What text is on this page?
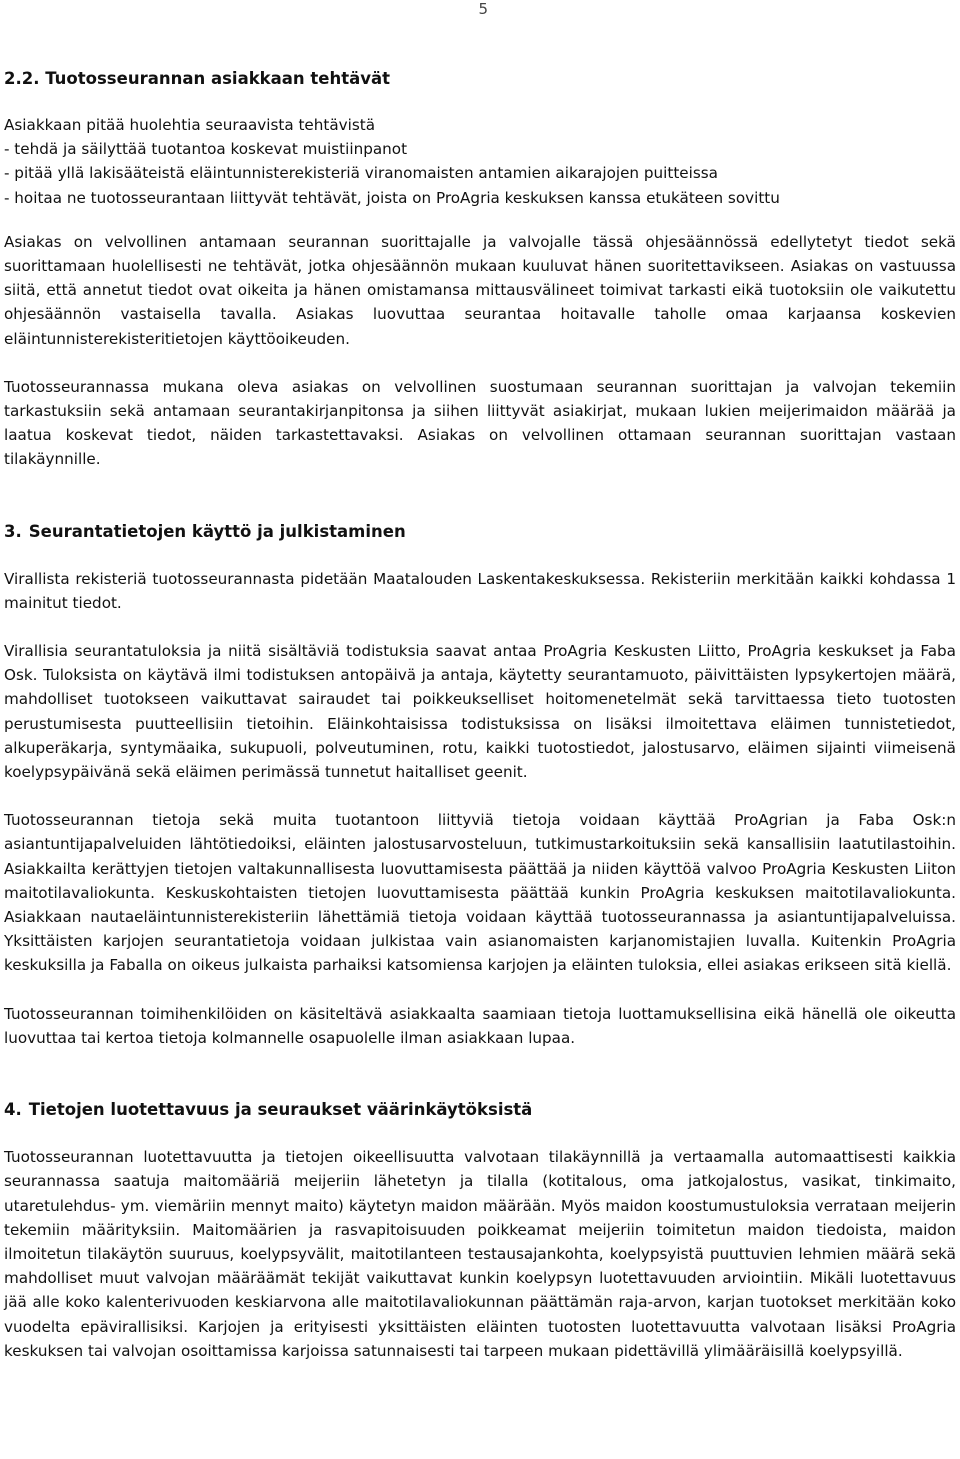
5
2.2. Tuotosseurannan asiakkaan tehtävät
Asiakkaan pitää huolehtia seuraavista tehtävistä
- tehdä ja säilyttää tuotantoa koskevat muistiinpanot
- pitää yllä lakisääteistä eläintunnisterekisteriä viranomaisten antamien aikarajojen puitteissa
- hoitaa ne tuotosseurantaan liittyvät tehtävät, joista on ProAgria keskuksen kanssa etukäteen sovittu

Asiakas on velvollinen antamaan seurannan suorittajalle ja valvojalle tässä ohjesäännössä edellytetyt tiedot sekä suorittamaan huolellisesti ne tehtävät, jotka ohjesäännön mukaan kuuluvat hänen suoritettavikseen. Asiakas on vastuussa siitä, että annetut tiedot ovat oikeita ja hänen omistamansa mittausvälineet toimivat tarkasti eikä tuotoksiin ole vaikutettu ohjesäännön vastaisella tavalla. Asiakas luovuttaa seurantaa hoitavalle taholle omaa karjaansa koskevien eläintunnisterekisteritietojen käyttöoikeuden.

Tuotosseurannassa mukana oleva asiakas on velvollinen suostumaan seurannan suorittajan ja valvojan tekemiin tarkastuksiin sekä antamaan seurantakirjanpitonsa ja siihen liittyvät asiakirjat, mukaan lukien meijerimaidon määrää ja laatua koskevat tiedot, näiden tarkastettavaksi. Asiakas on velvollinen ottamaan seurannan suorittajan vastaan tilakäynnille.

3. Seurantatietojen käyttö ja julkistaminen

Virallista rekisteriä tuotosseurannasta pidetään Maatalouden Laskentakeskuksessa. Rekisteriin merkitään kaikki kohdassa 1 mainitut tiedot.

Virallisia seurantatuloksia ja niitä sisältäviä todistuksia saavat antaa ProAgria Keskusten Liitto, ProAgria keskukset ja Faba Osk. Tuloksista on käytävä ilmi todistuksen antopäivä ja antaja, käytetty seurantamuoto, päivittäisten lypsykertojen määrä, mahdolliset tuotokseen vaikuttavat sairaudet tai poikkeukselliset hoitomenetelmät sekä tarvittaessa tieto tuotosten perustumisesta puutteellisiin tietoihin. Eläinkohtaisissa todistuksissa on lisäksi ilmoitettava eläimen tunnistetiedot, alkuperäkarja, syntymäaika, sukupuoli, polveutuminen, rotu, kaikki tuotostiedot, jalostusarvo, eläimen sijainti viimeisenä koelypsypäivänä sekä eläimen perimässä tunnetut haitalliset geenit.

Tuotosseurannan tietoja sekä muita tuotantoon liittyviä tietoja voidaan käyttää ProAgrian ja Faba Osk:n asiantuntijapalveluiden lähtötiedoiksi, eläinten jalostusarvosteluun, tutkimustarkoituksiin sekä kansallisiin laatutilastoihin. Asiakkailta kerättyjen tietojen valtakunnallisesta luovuttamisesta päättää ja niiden käyttöä valvoo ProAgria Keskusten Liiton maitotilavaliokunta. Keskuskohtaisten tietojen luovuttamisesta päättää kunkin ProAgria keskuksen maitotilavaliokunta. Asiakkaan nautaeläintunnisterekisteriin lähettämiä tietoja voidaan käyttää tuotosseurannassa ja asiantuntijapalveluissa. Yksittäisten karjojen seurantatietoja voidaan julkistaa vain asianomaisten karjanomistajien luvalla. Kuitenkin ProAgria keskuksilla ja Faballa on oikeus julkaista parhaiksi katsomiensa karjojen ja eläinten tuloksia, ellei asiakas erikseen sitä kiellä.

Tuotosseurannan toimihenkilöiden on käsiteltävä asiakkaalta saamiaan tietoja luottamuksellisina eikä hänellä ole oikeutta luovuttaa tai kertoa tietoja kolmannelle osapuolelle ilman asiakkaan lupaa.

4. Tietojen luotettavuus ja seuraukset väärinkäytöksistä

Tuotosseurannan luotettavuutta ja tietojen oikeellisuutta valvotaan tilakäynnillä ja vertaamalla automaattisesti kaikkia seurannassa saatuja maitomääriä meijeriin lähetetyn ja tilalla (kotitalous, oma jatkojalostus, vasikat, tinkimaito, utaretulehdus- ym. viemäriin mennyt maito) käytetyn maidon määrään. Myös maidon koostumustuloksia verrataan meijerin tekemiin määrityksiin. Maitomäärien ja rasvapitoisuuden poikkeamat meijeriin toimitetun maidon tiedoista, maidon ilmoitetun tilakäytön suuruus, koelypsyvälit, maitotilanteen testausajankohta, koelypsyistä puuttuvien lehmien määrä sekä mahdolliset muut valvojan määräämät tekijät vaikuttavat kunkin koelypsyn luotettavuuden arviointiin. Mikäli luotettavuus jää alle koko kalenterivuoden keskiarvona alle maitotilavaliokunnan päättämän raja-arvon, karjan tuotokset merkitään koko vuodelta epävirallisiksi. Karjojen ja erityisesti yksittäisten eläinten tuotosten luotettavuutta valvotaan lisäksi ProAgria keskuksen tai valvojan osoittamissa karjoissa satunnaisesti tai tarpeen mukaan pidettävillä ylimääräisillä koelypsyillä.
